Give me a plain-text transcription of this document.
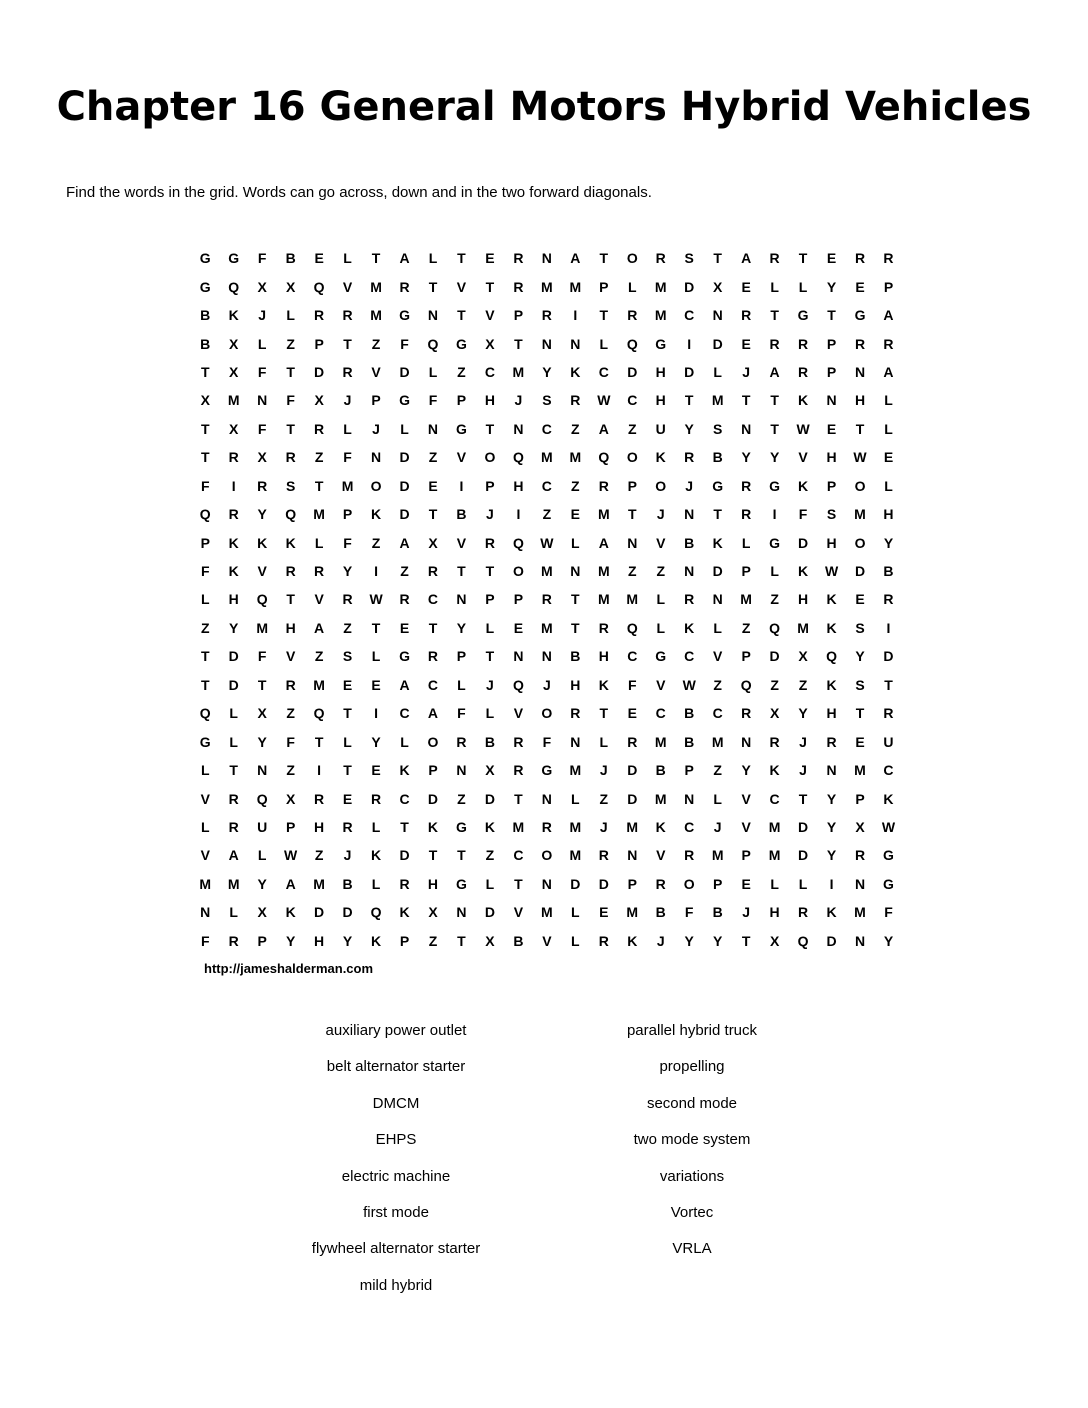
Chapter 16 General Motors Hybrid Vehicles
Find the words in the grid. Words can go across, down and in the two forward diagonals.
G	G	F	B	E	L	T	A	L	T	E	R	N	A	T	O	R	S	T	A	R	T	E	R	R
G	Q	X	X	Q	V	M	R	T	V	T	R	M	M	P	L	M	D	X	E	L	L	Y	E	P
B	K	J	L	R	R	M	G	N	T	V	P	R	I	T	R	M	C	N	R	T	G	T	G	A
B	X	L	Z	P	T	Z	F	Q	G	X	T	N	N	L	Q	G	I	D	E	R	R	P	R	R
T	X	F	T	D	R	V	D	L	Z	C	M	Y	K	C	D	H	D	L	J	A	R	P	N	A
X	M	N	F	X	J	P	G	F	P	H	J	S	R	W	C	H	T	M	T	T	K	N	H	L
T	X	F	T	R	L	J	L	N	G	T	N	C	Z	A	Z	U	Y	S	N	T	W	E	T	L
T	R	X	R	Z	F	N	D	Z	V	O	Q	M	M	Q	O	K	R	B	Y	Y	V	H	W	E
F	I	R	S	T	M	O	D	E	I	P	H	C	Z	R	P	O	J	G	R	G	K	P	O	L
Q	R	Y	Q	M	P	K	D	T	B	J	I	Z	E	M	T	J	N	T	R	I	F	S	M	H
P	K	K	K	L	F	Z	A	X	V	R	Q	W	L	A	N	V	B	K	L	G	D	H	O	Y
F	K	V	R	R	Y	I	Z	R	T	T	O	M	N	M	Z	Z	N	D	P	L	K	W	D	B
L	H	Q	T	V	R	W	R	C	N	P	P	R	T	M	M	L	R	N	M	Z	H	K	E	R
Z	Y	M	H	A	Z	T	E	T	Y	L	E	M	T	R	Q	L	K	L	Z	Q	M	K	S	I
T	D	F	V	Z	S	L	G	R	P	T	N	N	B	H	C	G	C	V	P	D	X	Q	Y	D
T	D	T	R	M	E	E	A	C	L	J	Q	J	H	K	F	V	W	Z	Q	Z	Z	K	S	T
Q	L	X	Z	Q	T	I	C	A	F	L	V	O	R	T	E	C	B	C	R	X	Y	H	T	R
G	L	Y	F	T	L	Y	L	O	R	B	R	F	N	L	R	M	B	M	N	R	J	R	E	U
L	T	N	Z	I	T	E	K	P	N	X	R	G	M	J	D	B	P	Z	Y	K	J	N	M	C
V	R	Q	X	R	E	R	C	D	Z	D	T	N	L	Z	D	M	N	L	V	C	T	Y	P	K
L	R	U	P	H	R	L	T	K	G	K	M	R	M	J	M	K	C	J	V	M	D	Y	X	W
V	A	L	W	Z	J	K	D	T	T	Z	C	O	M	R	N	V	R	M	P	M	D	Y	R	G
M	M	Y	A	M	B	L	R	H	G	L	T	N	D	D	P	R	O	P	E	L	L	I	N	G
N	L	X	K	D	D	Q	K	X	N	D	V	M	L	E	M	B	F	B	J	H	R	K	M	F
F	R	P	Y	H	Y	K	P	Z	T	X	B	V	L	R	K	J	Y	Y	T	X	Q	D	N	Y
http://jameshalderman.com
auxiliary power outlet
belt alternator starter
DMCM
EHPS
electric machine
first mode
flywheel alternator starter
mild hybrid
parallel hybrid truck
propelling
second mode
two mode system
variations
Vortec
VRLA
